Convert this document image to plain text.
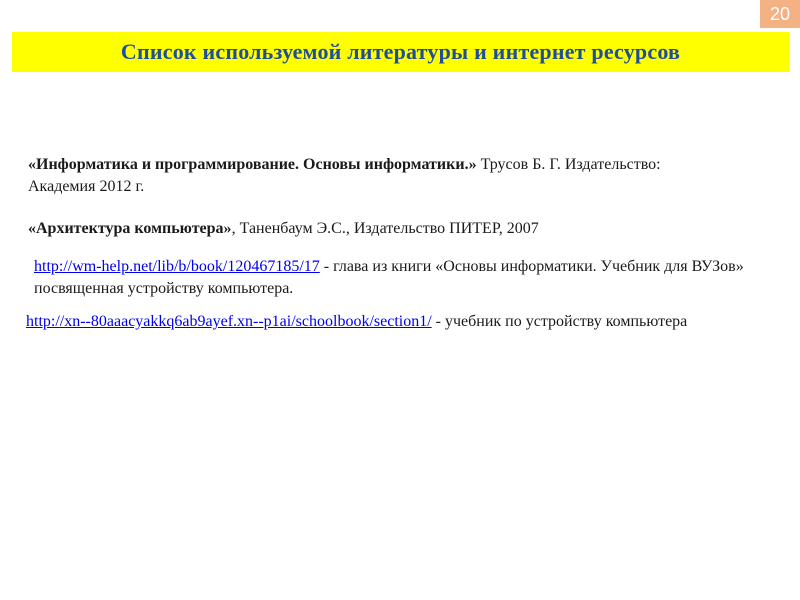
20
Список используемой литературы и интернет ресурсов

«Информатика и программирование. Основы информатики.» Трусов Б. Г. Издательство: Академия 2012 г.

«Архитектура компьютера», Таненбаум Э.С., Издательство ПИТЕР, 2007

http://wm-help.net/lib/b/book/120467185/17 - глава из книги «Основы информатики. Учебник для ВУЗов» посвященная устройству компьютера.

http://xn--80aaacyakkq6ab9ayef.xn--p1ai/schoolbook/section1/ - учебник по устройству компьютера
